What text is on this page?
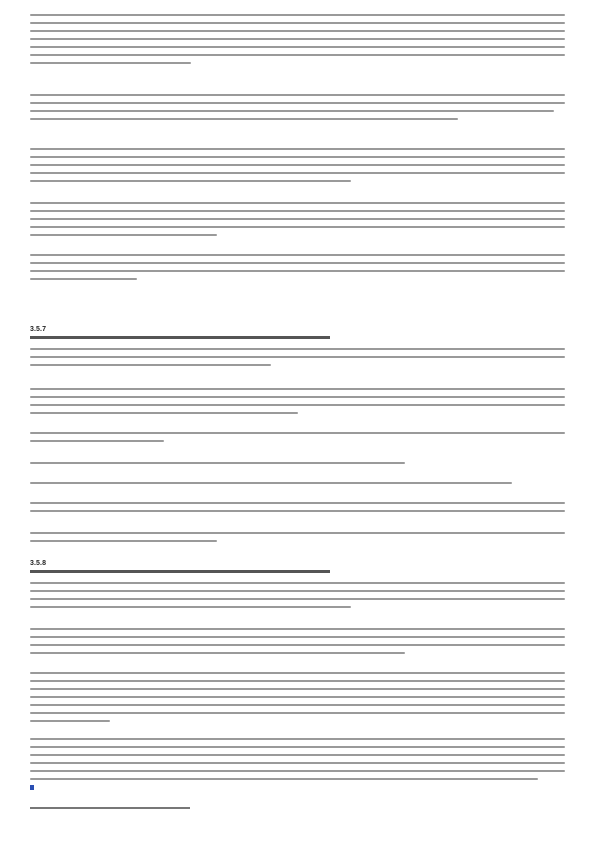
3.5.7
3.5.8
